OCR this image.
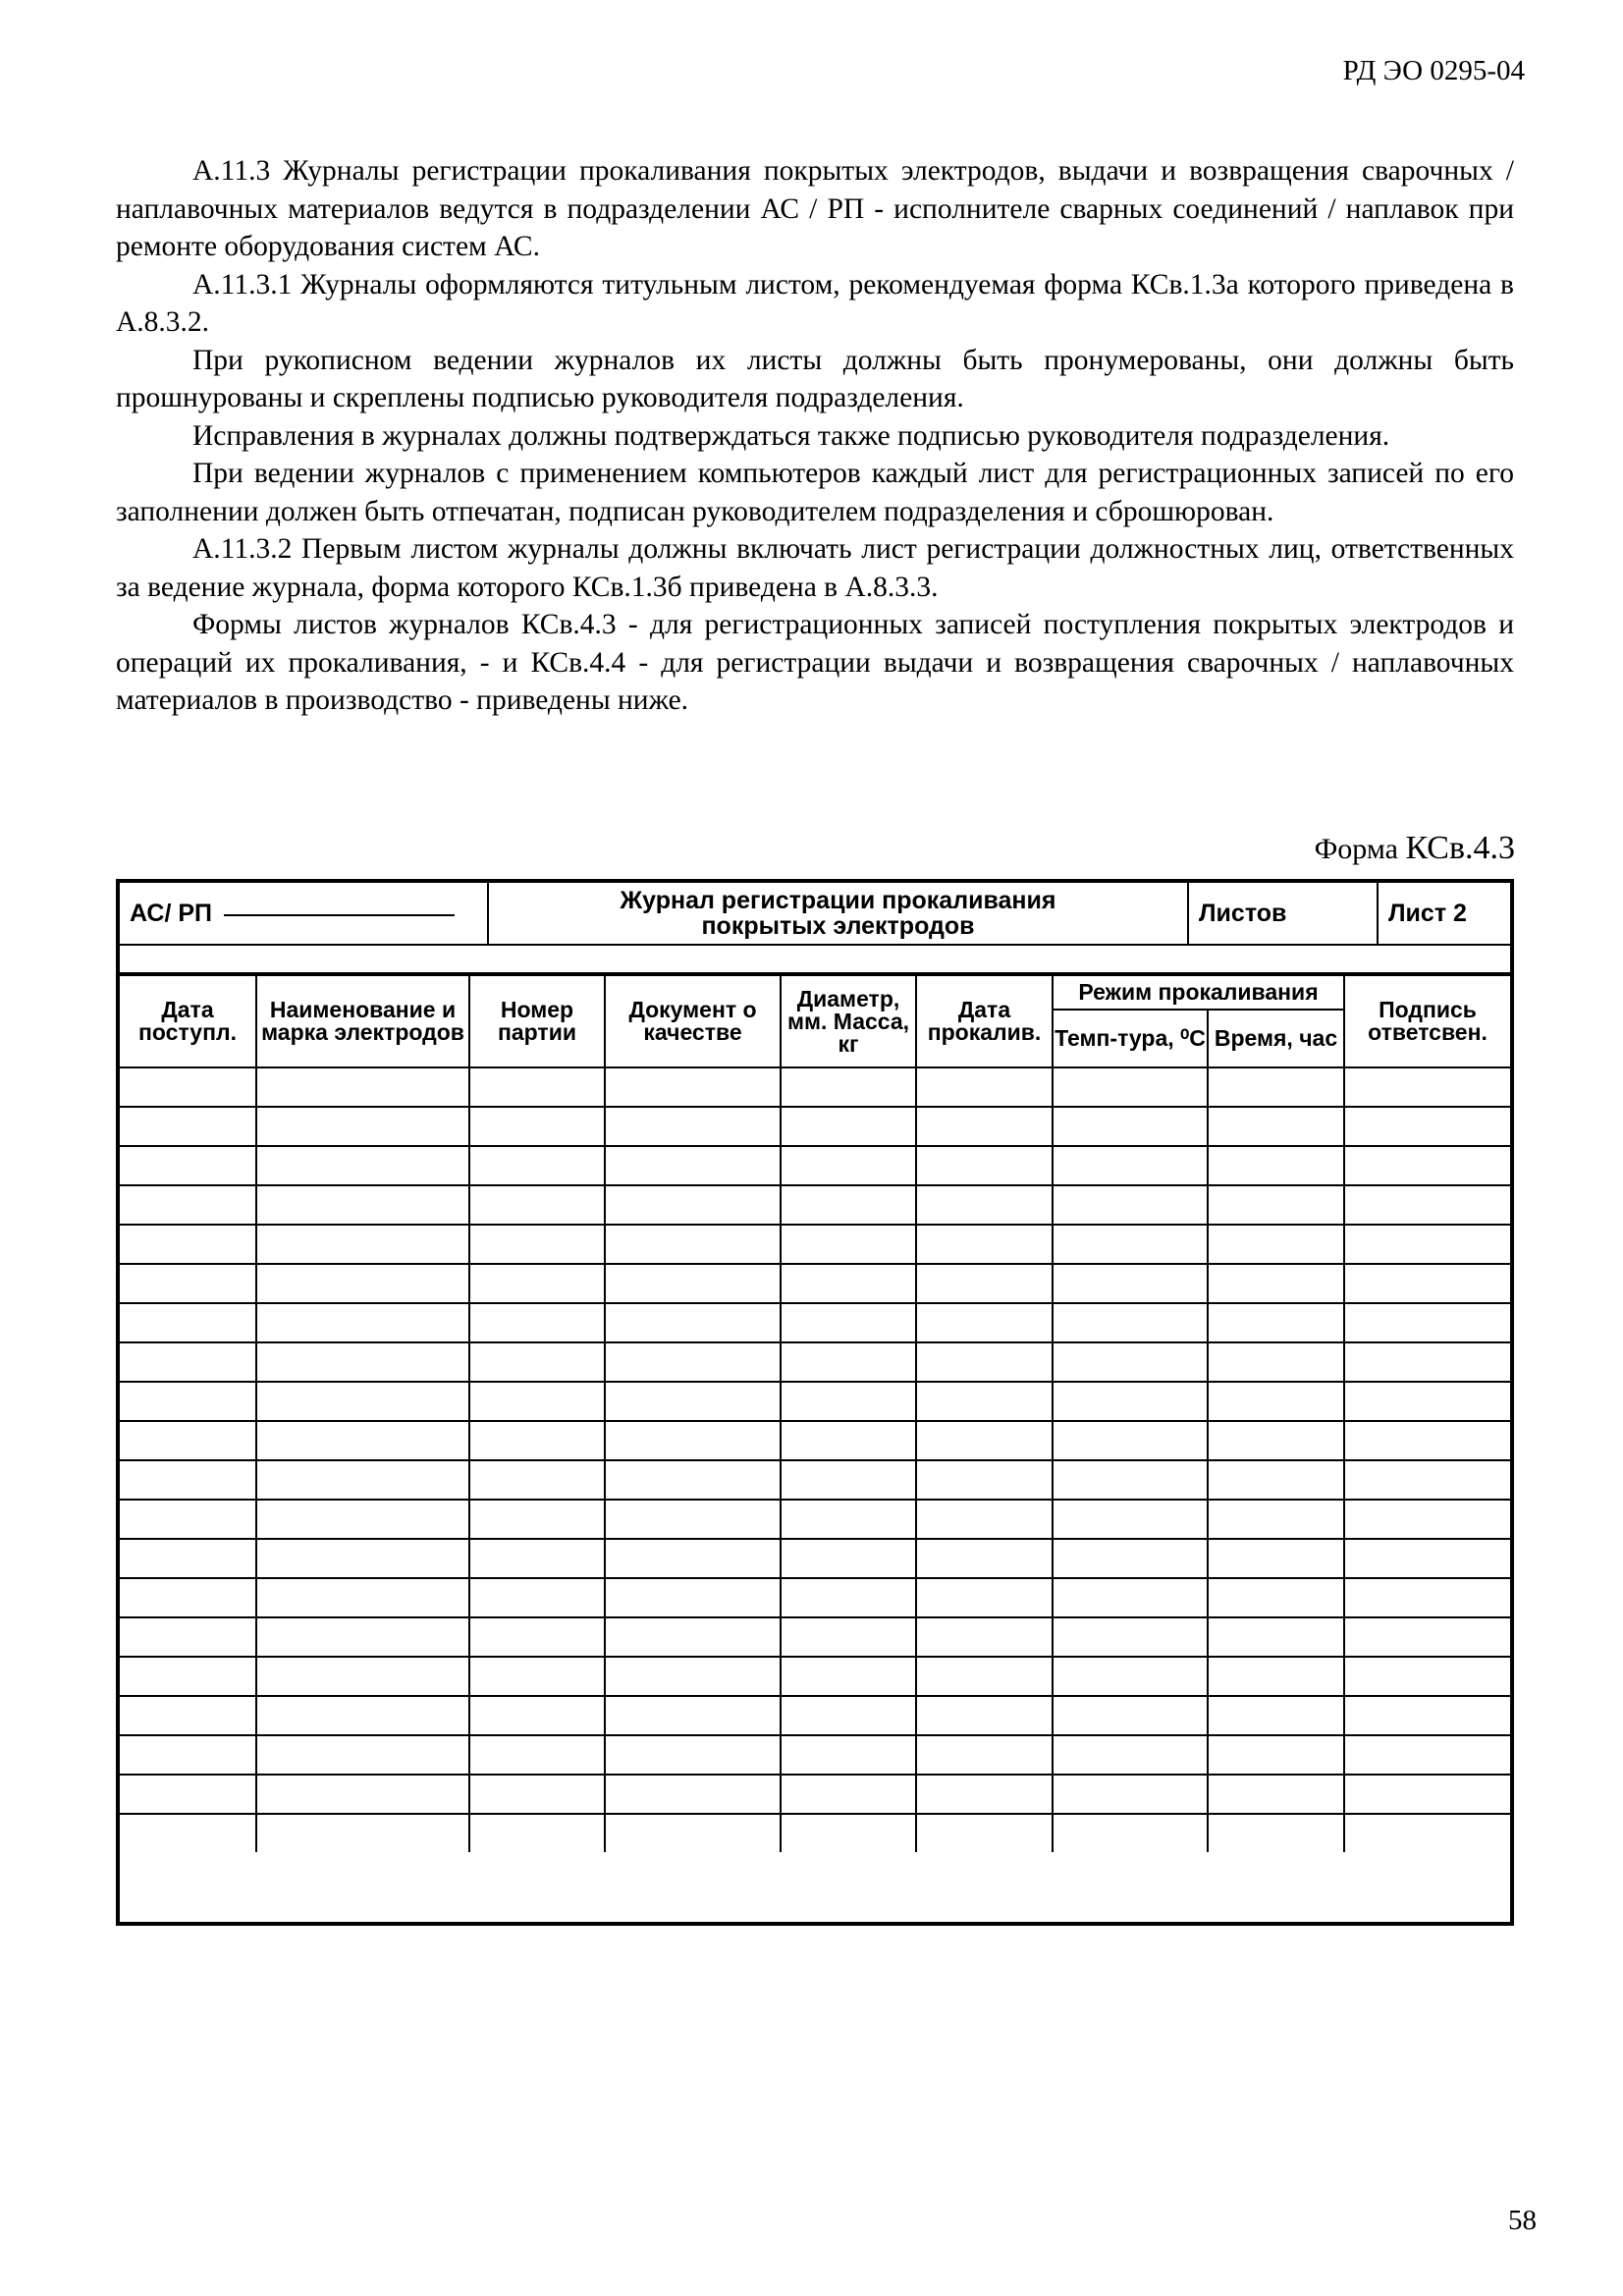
РД ЭО 0295-04

А.11.3 Журналы регистрации прокаливания покрытых электродов, выдачи и возвращения сварочных / наплавочных материалов ведутся в подразделении АС / РП - исполнителе сварных соединений / наплавок при ремонте оборудования систем АС.

А.11.3.1 Журналы оформляются титульным листом, рекомендуемая форма КСв.1.3а которого приведена в А.8.3.2.

При рукописном ведении журналов их листы должны быть пронумерованы, они должны быть прошнурованы и скреплены подписью руководителя подразделения.

Исправления в журналах должны подтверждаться также подписью руководителя подразделения.

При ведении журналов с применением компьютеров каждый лист для регистрационных записей по его заполнении должен быть отпечатан, подписан руководителем подразделения и сброшюрован.

А.11.3.2 Первым листом журналы должны включать лист регистрации должностных лиц, ответственных за ведение журнала, форма которого КСв.1.3б приведена в А.8.3.3.

Формы листов журналов КСв.4.3 - для регистрационных записей поступления покрытых электродов и операций их прокаливания, - и КСв.4.4 - для регистрации выдачи и возвращения сварочных / наплавочных материалов в производство - приведены ниже.

Форма КСв.4.3
АС/ РП	Журнал регистрации прокаливания
покрытых электродов	Листов	Лист 2
Дата поступл.	Наименование и марка электродов	Номер партии	Документ о качестве	Диаметр, мм. Масса, кг	Дата прокалив.	Режим прокаливания		Подпись ответсвен.
						Темп-тура, ⁰С	Время, час	

58
